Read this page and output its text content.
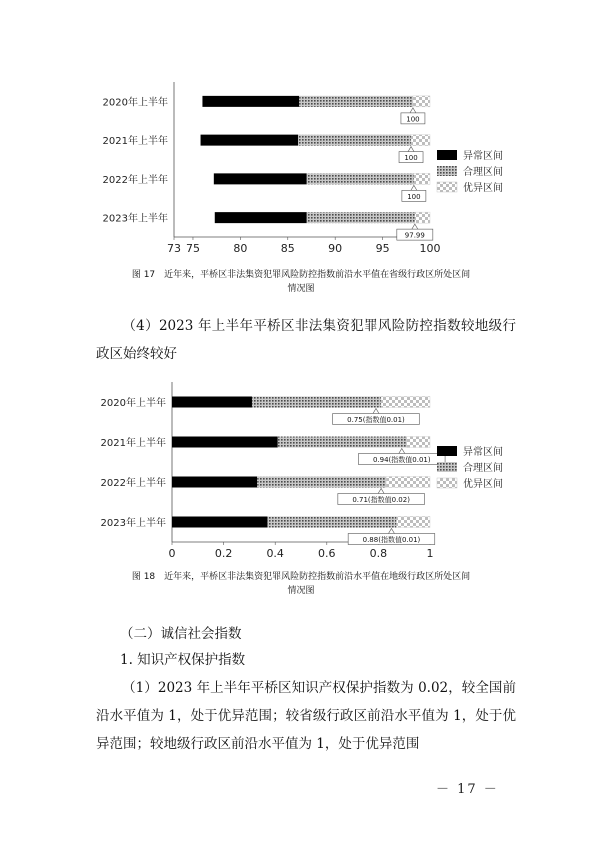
73 75	80	85	90	95	100
2020年上半年
100
2021年上半年
100
2022年上半年
100
2023年上半年
97.99
异常区间
合理区间
优异区间
图 17　近年来，平桥区非法集资犯罪风险防控指数前沿水平值在省级行政区所处区间
情况图
（4）2023 年上半年平桥区非法集资犯罪风险防控指数较地级行政区始终较好
0	0.2	0.4	0.6	0.8	1
2020年上半年
0.75(指数值0.01)
2021年上半年
0.94(指数值0.01)
2022年上半年
0.71(指数值0.02)
2023年上半年
0.88(指数值0.01)
异常区间
合理区间
优异区间
图 18　近年来，平桥区非法集资犯罪风险防控指数前沿水平值在地级行政区所处区间
情况图
（二）诚信社会指数
1. 知识产权保护指数
（1）2023 年上半年平桥区知识产权保护指数为 0.02，较全国前沿水平值为 1，处于优异范围；较省级行政区前沿水平值为 1，处于优异范围；较地级行政区前沿水平值为 1，处于优异范围
－ 17 －
